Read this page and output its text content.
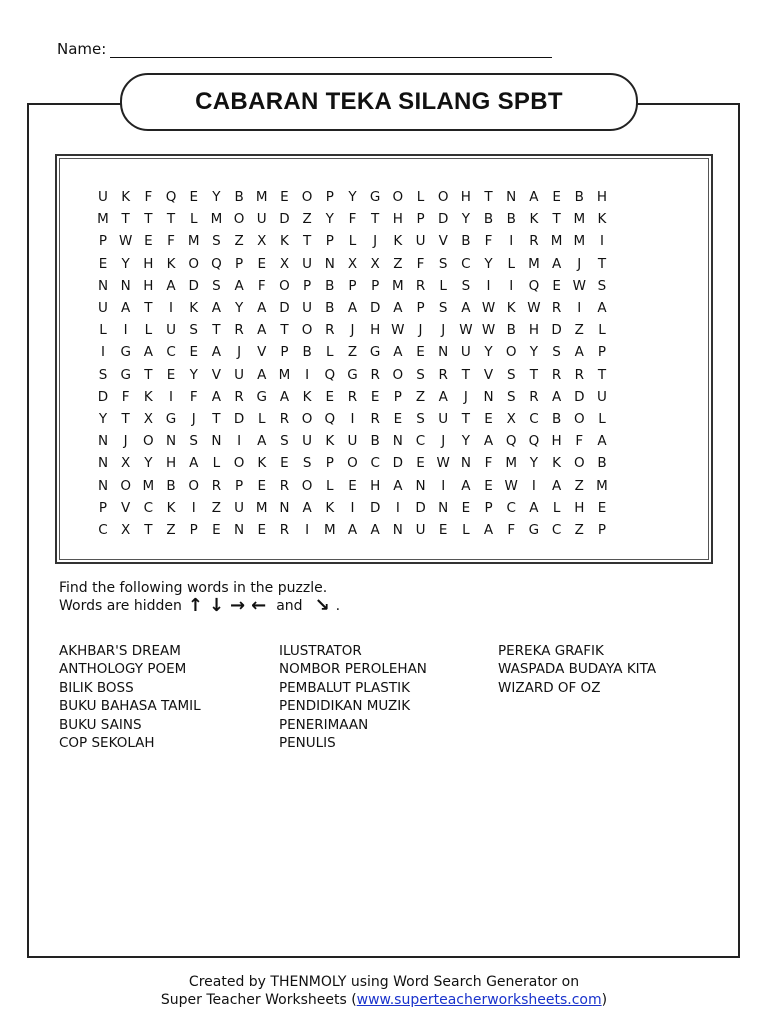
Name:
CABARAN TEKA SILANG SPBT
U K	F Q E	Y	B M E O P	Y G O	L	O H T	N A	E	B H
M T	T	T	L M O U D Z	Y	F	T H	P D Y	B B	K	T M K
P W E	F M S	Z X	K	T	P	L	J	K U V B	F	I	R M M	I
E	Y H K O Q P	E	X U N X X Z	F	S	C	Y	L M A	J	T
N N H A D S	A	F O P	B	P	P M R	L	S	I	I	Q E W S
U A	T	I	K	A	Y	A D U B A D A	P	S	A W K W R	I	A
L	I	L	U S	T	R A	T O R	J	H W	J	J	W W B H D Z	L
I	G A C	E	A	J	V	P	B	L	Z G A	E N U	Y O Y	S	A	P
S G T	E	Y	V U A M	I	Q G R O S	R	T	V	S	T	R R	T
D	F	K	I	F	A R G A	K	E	R	E	P	Z A	J	N S	R A D U
Y	T	X G	J	T D	L	R O Q	I	R	E	S U	T	E	X C B O	L
N	J	O N S N	I	A	S U K U B N C	J	Y	A Q Q H	F	A
N X	Y H A	L	O K	E	S	P O C D E W N	F M Y	K O B
N O M B O R	P	E	R O	L	E H A N	I	A	E W	I	A Z M
P	V C	K	I	Z U M N A	K	I	D	I	D N E	P	C A	L	H E
C X	T	Z	P	E N E	R	I	M A A N U E	L	A	F	G C Z	P
Find the following words in the puzzle.
Words are hidden ↑ ↓ → ← and ↘ .
AKHBAR'S DREAM
ANTHOLOGY POEM
BILIK BOSS
BUKU BAHASA TAMIL
BUKU SAINS
COP SEKOLAH
ILUSTRATOR
NOMBOR PEROLEHAN
PEMBALUT PLASTIK
PENDIDIKAN MUZIK
PENERIMAAN
PENULIS
PEREKA GRAFIK
WASPADA BUDAYA KITA
WIZARD OF OZ
Created by THENMOLY using Word Search Generator on
Super Teacher Worksheets (www.superteacherworksheets.com)
